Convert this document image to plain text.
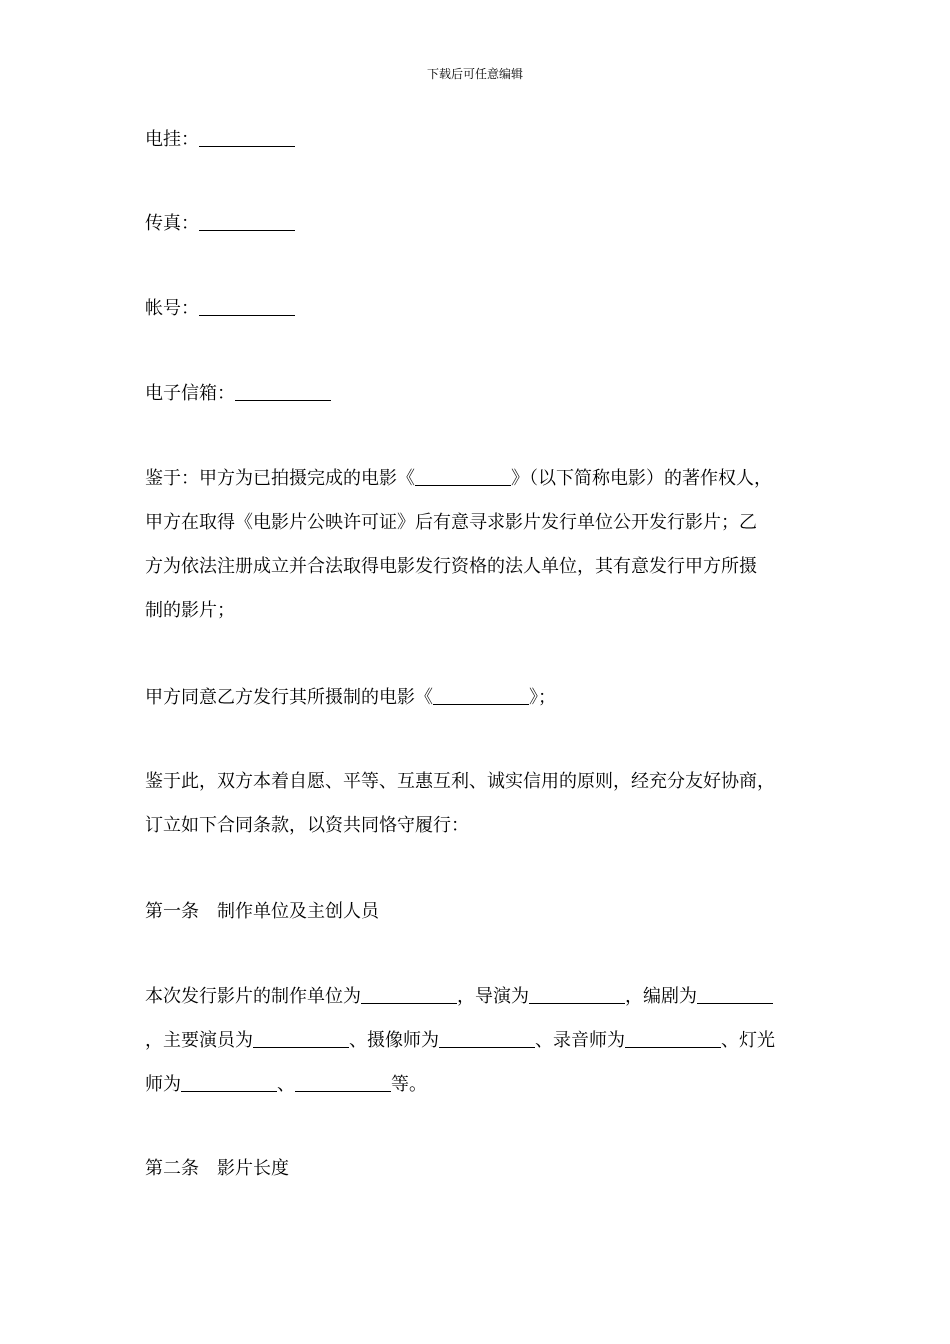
下载后可任意编辑
电挂：
传真：
帐号：
电子信箱：
鉴于：甲方为已拍摄完成的电影《	》（以下简称电影）的著作权人，
甲方在取得《电影片公映许可证》后有意寻求影片发行单位公开发行影片；乙
方为依法注册成立并合法取得电影发行资格的法人单位，其有意发行甲方所摄
制的影片；
甲方同意乙方发行其所摄制的电影《	》；
鉴于此，双方本着自愿、平等、互惠互利、诚实信用的原则，经充分友好协商，
订立如下合同条款，以资共同恪守履行：
第一条　制作单位及主创人员
本次发行影片的制作单位为	，导演为	，编剧为
，主要演员为	、摄像师为	、录音师为	、灯光
师为	、	等。
第二条　影片长度
